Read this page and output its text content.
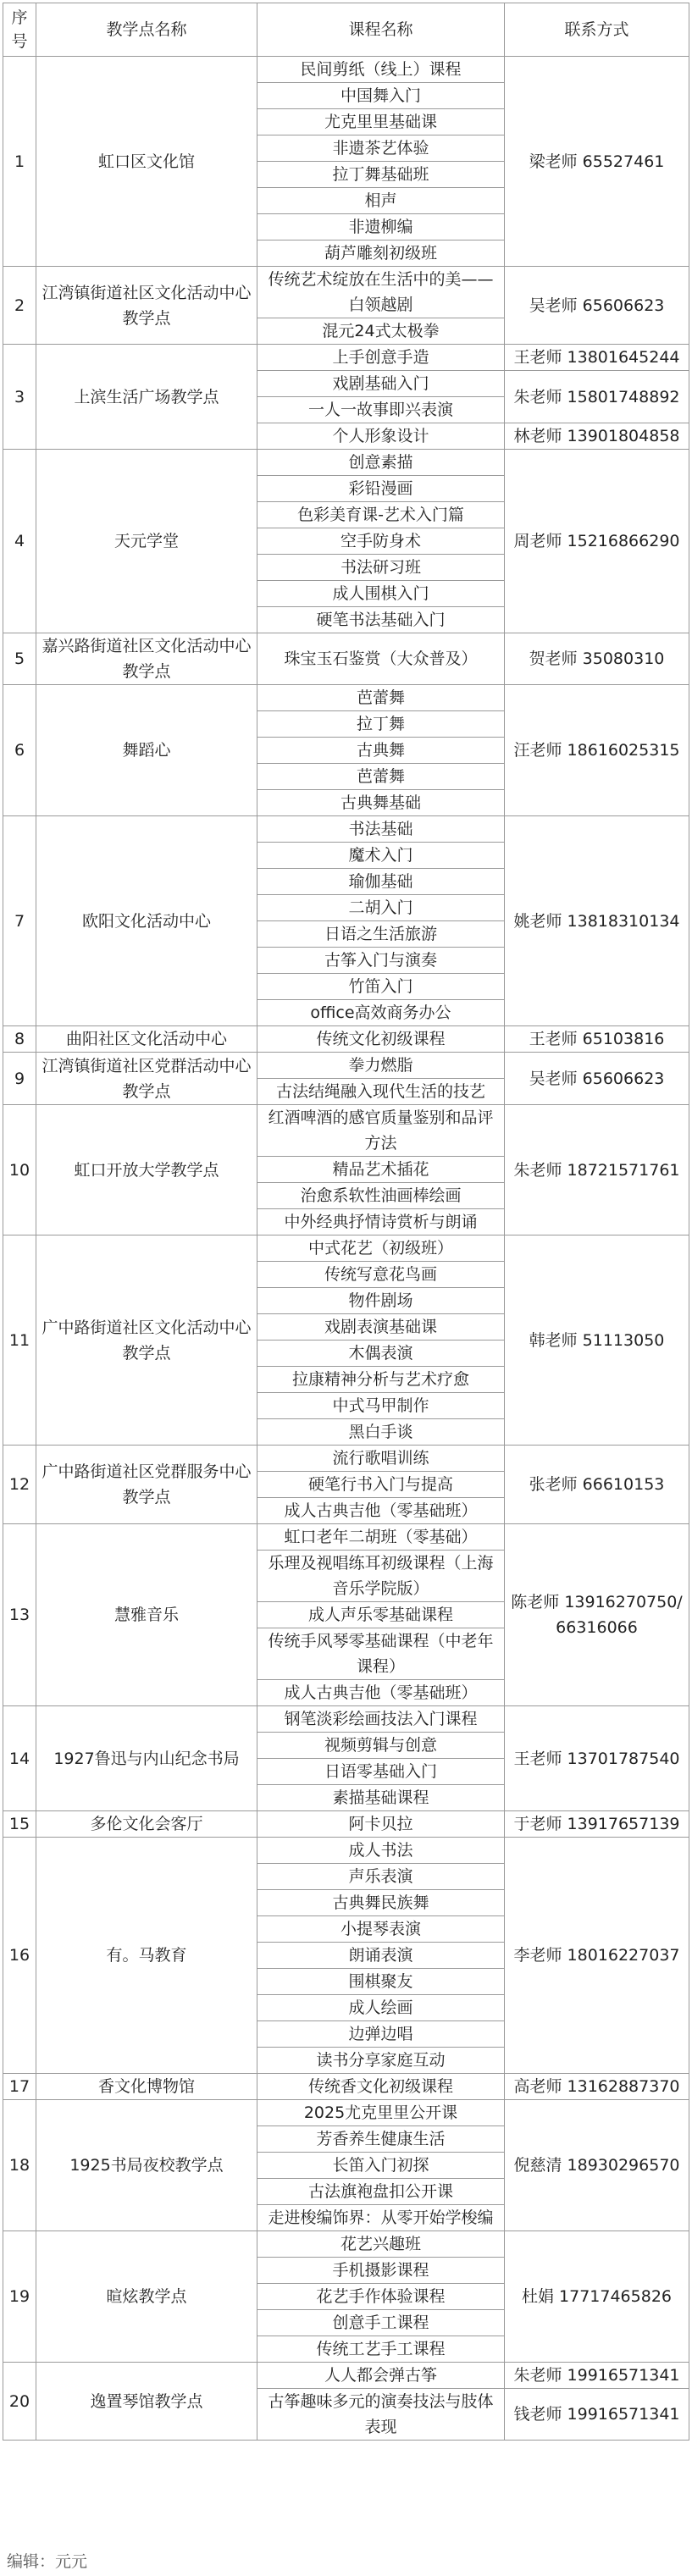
序号	教学点名称	课程名称	联系方式
1	虹口区文化馆	民间剪纸（线上）课程	梁老师 65527461
		中国舞入门	
		尤克里里基础课	
		非遗茶艺体验	
		拉丁舞基础班	
		相声	
		非遗柳编	
		葫芦雕刻初级班	
2	江湾镇街道社区文化活动中心教学点	传统艺术绽放在生活中的美——白领越剧	吴老师 65606623

		混元24式太极拳	
3	上滨生活广场教学点	上手创意手造	王老师 13801645244
		戏剧基础入门	朱老师 15801748892
		一人一故事即兴表演	
		个人形象设计	林老师 13901804858
4	天元学堂	创意素描	周老师 15216866290
		彩铅漫画	
		色彩美育课-艺术入门篇	
		空手防身术	
		书法研习班	
		成人围棋入门	
		硬笔书法基础入门	
5	嘉兴路街道社区文化活动中心教学点	珠宝玉石鉴赏（大众普及）	贺老师 35080310

6	舞蹈心	芭蕾舞	汪老师 18616025315
		拉丁舞	
		古典舞	
		芭蕾舞	
		古典舞基础	
7	欧阳文化活动中心	书法基础	姚老师 13818310134
		魔术入门	
		瑜伽基础	
		二胡入门	
		日语之生活旅游	
		古筝入门与演奏	
		竹笛入门	
		office高效商务办公	
8	曲阳社区文化活动中心	传统文化初级课程	王老师 65103816
9	江湾镇街道社区党群活动中心教学点	拳力燃脂	吴老师 65606623
		古法结绳融入现代生活的技艺	
10	虹口开放大学教学点	红酒啤酒的感官质量鉴别和品评方法	朱老师 18721571761

		精品艺术插花	
		治愈系软性油画棒绘画	
		中外经典抒情诗赏析与朗诵	
11	广中路街道社区文化活动中心教学点	中式花艺（初级班）	韩老师 51113050
		传统写意花鸟画	
		物件剧场	
		戏剧表演基础课	
		木偶表演	
		拉康精神分析与艺术疗愈	
		中式马甲制作	
		黑白手谈	
12	广中路街道社区党群服务中心教学点	流行歌唱训练	张老师 66610153
		硬笔行书入门与提高	
		成人古典吉他（零基础班）	
13	慧雅音乐	虹口老年二胡班（零基础）	陈老师 13916270750/ 66316066
		乐理及视唱练耳初级课程（上海音乐学院版）	

		成人声乐零基础课程	
		传统手风琴零基础课程（中老年课程）	

		成人古典吉他（零基础班）	
14	1927鲁迅与内山纪念书局	钢笔淡彩绘画技法入门课程	王老师 13701787540
		视频剪辑与创意	
		日语零基础入门	
		素描基础课程	
15	多伦文化会客厅	阿卡贝拉	于老师 13917657139
16	有。马教育	成人书法	李老师 18016227037
		声乐表演	
		古典舞民族舞	
		小提琴表演	
		朗诵表演	
		围棋聚友	
		成人绘画	
		边弹边唱	
		读书分享家庭互动	
17	香文化博物馆	传统香文化初级课程	高老师 13162887370
18	1925书局夜校教学点	2025尤克里里公开课	倪慈清 18930296570
		芳香养生健康生活	
		长笛入门初探	
		古法旗袍盘扣公开课	
		走进梭编饰界：从零开始学梭编	

19	暄炫教学点	花艺兴趣班	杜娟 17717465826
		手机摄影课程	
		花艺手作体验课程	
		创意手工课程	
		传统工艺手工课程	
20	逸置琴馆教学点	人人都会弹古筝	朱老师 19916571341
		古筝趣味多元的演奏技法与肢体表现	钱老师 19916571341

编辑：元元
